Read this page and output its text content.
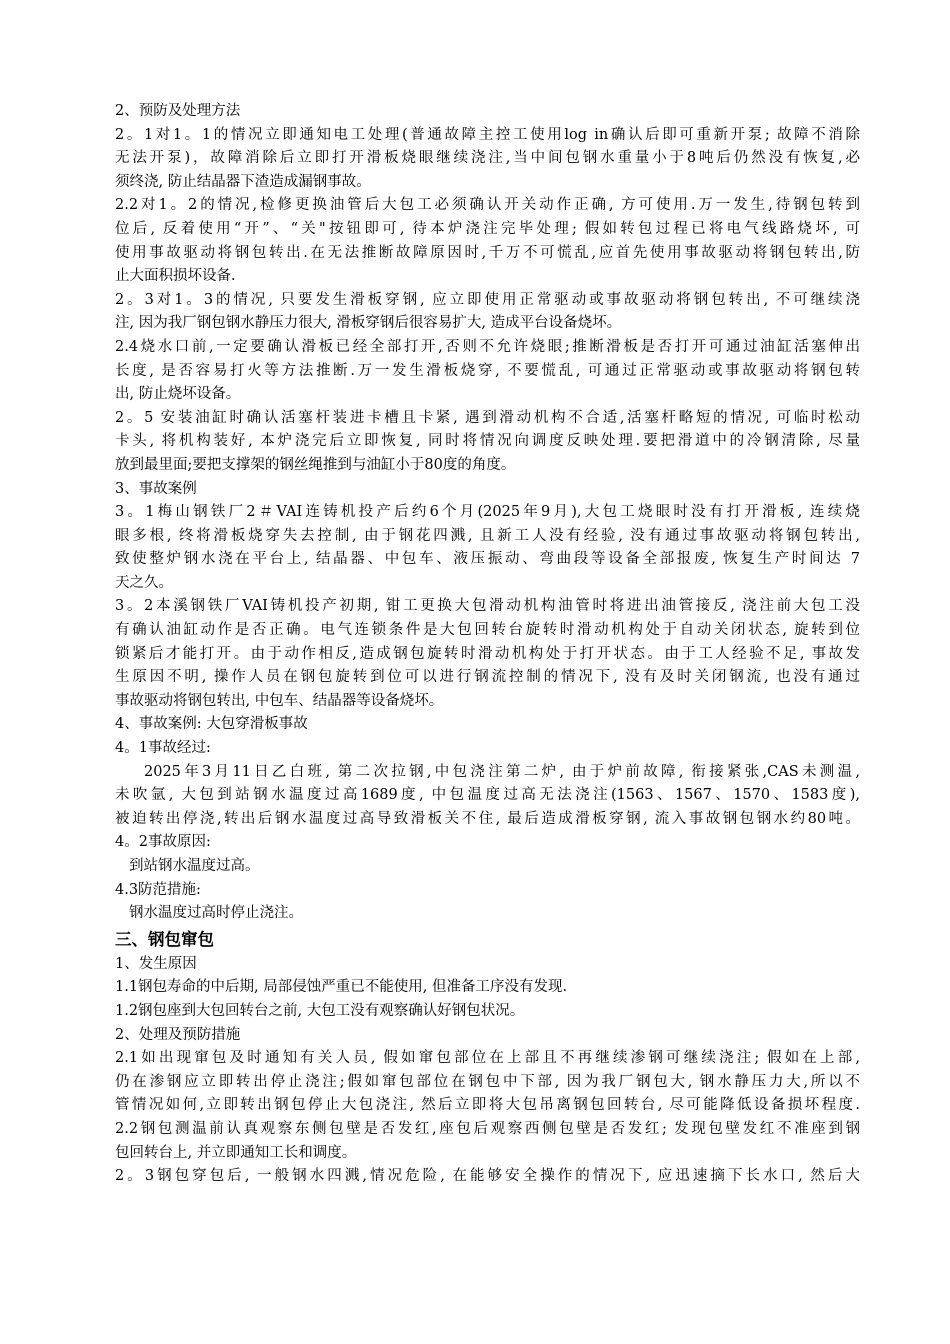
2、预防及处理方法
2。1对1。1的情况立即通知电工处理(普通故障主控工使用log in确认后即可重新开泵; 故障不消除
无法开泵)，故障消除后立即打开滑板烧眼继续浇注,当中间包钢水重量小于8吨后仍然没有恢复,必
须终浇, 防止结晶器下渣造成漏钢事故。
2.2对1。2的情况,检修更换油管后大包工必须确认开关动作正确, 方可使用.万一发生,待钢包转到
位后, 反着使用“开”、“关"按钮即可, 待本炉浇注完毕处理; 假如转包过程已将电气线路烧坏, 可
使用事故驱动将钢包转出.在无法推断故障原因时,千万不可慌乱,应首先使用事故驱动将钢包转出,防
止大面积损坏设备.
2。3对1。3的情况, 只要发生滑板穿钢, 应立即使用正常驱动或事故驱动将钢包转出, 不可继续浇
注, 因为我厂钢包钢水静压力很大, 滑板穿钢后很容易扩大, 造成平台设备烧坏。
2.4烧水口前,一定要确认滑板已经全部打开,否则不允许烧眼;推断滑板是否打开可通过油缸活塞伸出
长度, 是否容易打火等方法推断.万一发生滑板烧穿, 不要慌乱, 可通过正常驱动或事故驱动将钢包转
出, 防止烧坏设备。
2。5 安装油缸时确认活塞杆装进卡槽且卡紧, 遇到滑动机构不合适,活塞杆略短的情况, 可临时松动
卡头, 将机构装好, 本炉浇完后立即恢复, 同时将情况向调度反映处理.要把滑道中的冷钢清除, 尽量
放到最里面;要把支撑架的钢丝绳推到与油缸小于80度的角度。
3、事故案例
3。1梅山钢铁厂2＃VAI连铸机投产后约6个月(2025年9月),大包工烧眼时没有打开滑板, 连续烧
眼多根, 终将滑板烧穿失去控制, 由于钢花四溅, 且新工人没有经验, 没有通过事故驱动将钢包转出,
致使整炉钢水浇在平台上, 结晶器、中包车、液压振动、弯曲段等设备全部报废, 恢复生产时间达 7
天之久。
3。2本溪钢铁厂VAI铸机投产初期, 钳工更换大包滑动机构油管时将进出油管接反, 浇注前大包工没
有确认油缸动作是否正确。电气连锁条件是大包回转台旋转时滑动机构处于自动关闭状态, 旋转到位
锁紧后才能打开。由于动作相反,造成钢包旋转时滑动机构处于打开状态。由于工人经验不足, 事故发
生原因不明, 操作人员在钢包旋转到位可以进行钢流控制的情况下, 没有及时关闭钢流, 也没有通过
事故驱动将钢包转出, 中包车、结晶器等设备烧坏。
4、事故案例: 大包穿滑板事故
4。1事故经过:
2025年3月11日乙白班, 第二次拉钢,中包浇注第二炉, 由于炉前故障, 衔接紧张,CAS未测温,
未吹氩, 大包到站钢水温度过高1689度, 中包温度过高无法浇注(1563、1567、1570、1583度),
被迫转出停浇,转出后钢水温度过高导致滑板关不住, 最后造成滑板穿钢, 流入事故钢包钢水约80吨。
4。2事故原因:
到站钢水温度过高。
4.3防范措施:
钢水温度过高时停止浇注。
三、钢包窜包
1、发生原因
1.1钢包寿命的中后期, 局部侵蚀严重已不能使用, 但准备工序没有发现.
1.2钢包座到大包回转台之前, 大包工没有观察确认好钢包状况。
2、处理及预防措施
2.1如出现窜包及时通知有关人员, 假如窜包部位在上部且不再继续渗钢可继续浇注; 假如在上部,
仍在渗钢应立即转出停止浇注;假如窜包部位在钢包中下部, 因为我厂钢包大, 钢水静压力大,所以不
管情况如何,立即转出钢包停止大包浇注, 然后立即将大包吊离钢包回转台, 尽可能降低设备损坏程度.
2.2钢包测温前认真观察东侧包壁是否发红,座包后观察西侧包壁是否发红; 发现包壁发红不准座到钢
包回转台上, 并立即通知工长和调度。
2。3钢包穿包后, 一般钢水四溅,情况危险, 在能够安全操作的情况下, 应迅速摘下长水口, 然后大
